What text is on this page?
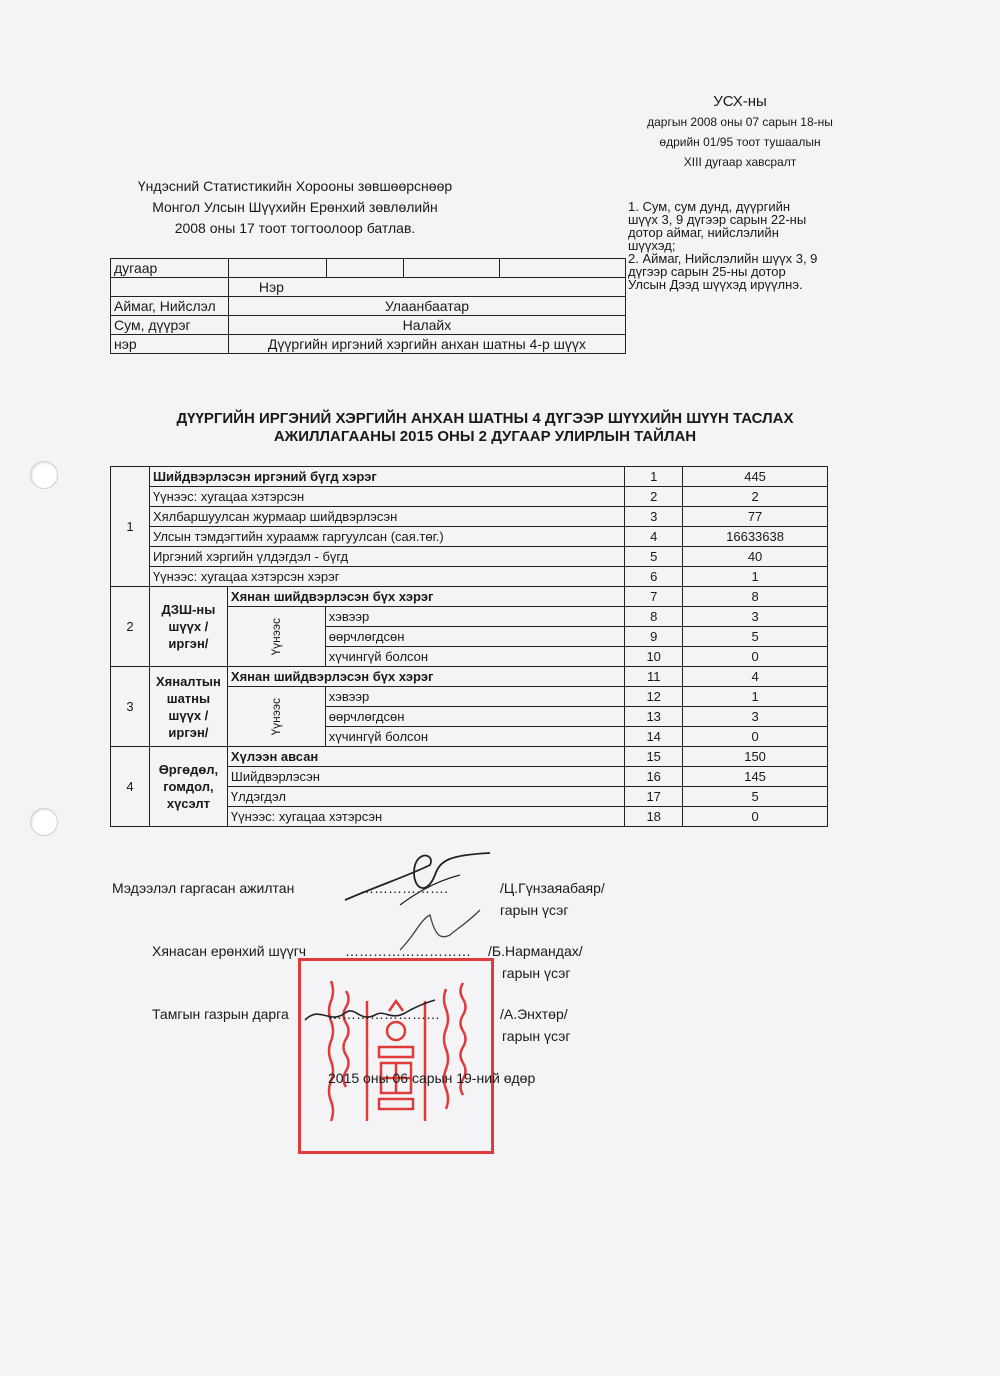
УСХ-ны
даргын 2008 оны 07 сарын 18-ны
өдрийн 01/95 тоот тушаалын
XIII дугаар хавсралт
Үндэсний Статистикийн Хорооны зөвшөөрснөөр
Монгол Улсын Шүүхийн Ерөнхий зөвлөлийн
2008 оны 17 тоот тогтоолоор батлав.
1. Сум, сум дунд, дүүргийн
шүүх 3, 9 дүгээр сарын 22-ны
дотор аймаг, нийслэлийн
шүүхэд;
2. Аймаг, Нийслэлийн шүүх 3, 9
дүгээр сарын 25-ны дотор
Улсын Дээд шүүхэд ирүүлнэ.
дугаар				
	Нэр			
Аймаг, Нийслэл	Улаанбаатар			
Сум, дүүрэг	Налайх			
нэр	Дүүргийн иргэний хэргийн анхан шатны 4-р шүүх			
ДҮҮРГИЙН ИРГЭНИЙ ХЭРГИЙН АНХАН ШАТНЫ 4 ДҮГЭЭР ШҮҮХИЙН ШҮҮН ТАСЛАХ
АЖИЛЛАГААНЫ 2015 ОНЫ 2 ДУГААР УЛИРЛЫН ТАЙЛАН
1	Шийдвэрлэсэн иргэний бүгд хэрэг			1	445
	Үүнээс: хугацаа хэтэрсэн			2	2
	Хялбаршуулсан журмаар шийдвэрлэсэн			3	77
	Улсын тэмдэгтийн хураамж гаргуулсан (сая.төг.)			4	16633638
	Иргэний хэргийн үлдэгдэл - бүгд			5	40
	Үүнээс: хугацаа хэтэрсэн хэрэг			6	1
2	ДЗШ-ны шүүх /иргэн/	Хянан шийдвэрлэсэн бүх хэрэг		7	8

		Үүнээс	хэвээр	8	3
			өөрчлөгдсөн	9	5
			хүчингүй болсон	10	0
3	Хяналтын шатны шүүх /иргэн/	Хянан шийдвэрлэсэн бүх хэрэг		11	4

		Үүнээс	хэвээр	12	1
			өөрчлөгдсөн	13	3
			хүчингүй болсон	14	0
4	Өргөдөл, гомдол, хүсэлт	Хүлээн авсан		15	150
		Шийдвэрлэсэн		16	145
		Үлдэгдэл		17	5
		Үүнээс: хугацаа хэтэрсэн		18	0
Мэдээлэл гаргасан ажилтан	……………….	/Ц.Гүнзаяабаяр/
гарын үсэг
Хянасан ерөнхий шүүгч	……………………… /Б.Нармандах/
гарын үсэг
Тамгын газрын дарга	……………………	/А.Энхтөр/
гарын үсэг
2015 оны 06 сарын 19-ний өдөр
